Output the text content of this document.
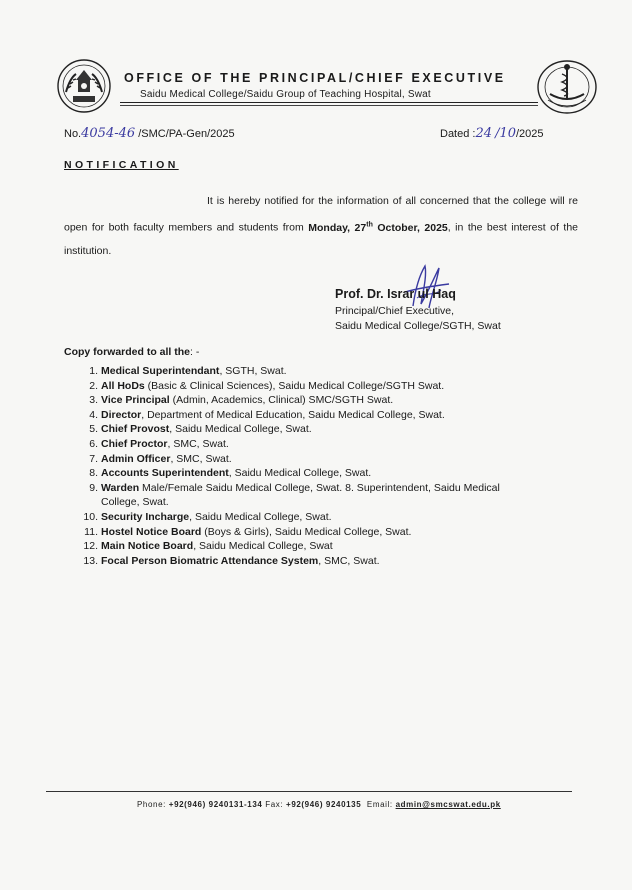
OFFICE OF THE PRINCIPAL/CHIEF EXECUTIVE
Saidu Medical College/Saidu Group of Teaching Hospital, Swat
No.4054-46 /SMC/PA-Gen/2025	Dated :24 /10/2025
NOTIFICATION
It is hereby notified for the information of all concerned that the college will re open for both faculty members and students from Monday, 27th October, 2025, in the best interest of the institution.
Prof. Dr. Israr ul Haq
Principal/Chief Executive,
Saidu Medical College/SGTH, Swat
Copy forwarded to all the: -
1. Medical Superintendant, SGTH, Swat.
2. All HoDs (Basic & Clinical Sciences), Saidu Medical College/SGTH Swat.
3. Vice Principal (Admin, Academics, Clinical) SMC/SGTH Swat.
4. Director, Department of Medical Education, Saidu Medical College, Swat.
5. Chief Provost, Saidu Medical College, Swat.
6. Chief Proctor, SMC, Swat.
7. Admin Officer, SMC, Swat.
8. Accounts Superintendent, Saidu Medical College, Swat.
9. Warden Male/Female Saidu Medical College, Swat. 8. Superintendent, Saidu Medical College, Swat.
10. Security Incharge, Saidu Medical College, Swat.
11. Hostel Notice Board (Boys & Girls), Saidu Medical College, Swat.
12. Main Notice Board, Saidu Medical College, Swat
13. Focal Person Biomatric Attendance System, SMC, Swat.
Phone: +92(946) 9240131-134 Fax: +92(946) 9240135 Email: admin@smcswat.edu.pk
